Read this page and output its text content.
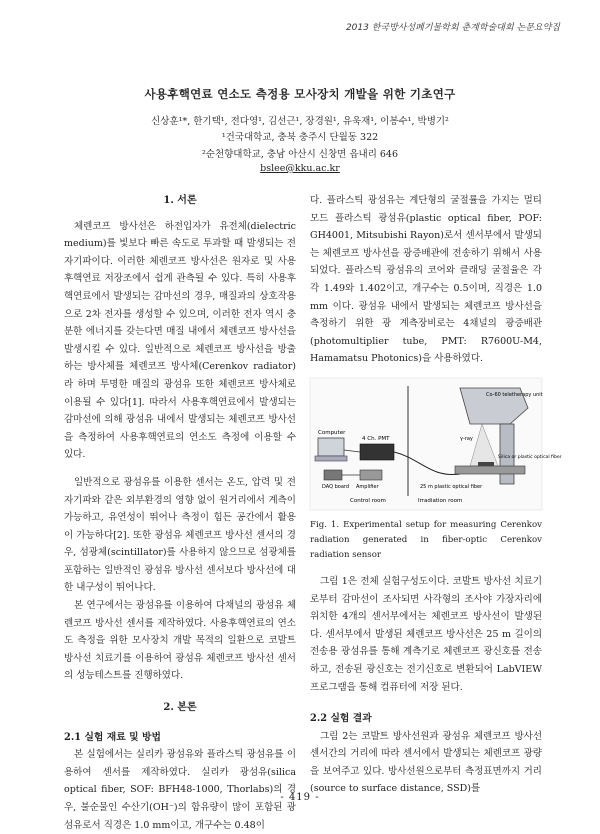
2013 한국방사성폐기물학회 춘계학술대회 논문요약집
사용후핵연료 연소도 측정용 모사장치 개발을 위한 기초연구
신상훈¹*, 한기택¹, 전다영¹, 김선근¹, 장경원¹, 유욱재¹, 이봉수¹, 박병기²
¹건국대학교, 충북 충주시 단월동 322
²순천향대학교, 충남 아산시 신창면 읍내리 646
bslee@kku.ac.kr
1. 서론

체렌코프 방사선은 하전입자가 유전체(dielectric medium)를 빛보다 빠른 속도로 투과할 때 발생되는 전자기파이다. 이러한 체렌코프 방사선은 원자로 및 사용후핵연료 저장조에서 쉽게 관측될 수 있다. 특히 사용후핵연료에서 발생되는 감마선의 경우, 매질과의 상호작용으로 2차 전자를 생성할 수 있으며, 이러한 전자 역시 충분한 에너지를 갖는다면 매질 내에서 체렌코프 방사선을 발생시킬 수 있다. 일반적으로 체렌코프 방사선을 방출하는 방사체를 체렌코프 방사체(Cerenkov radiator)라 하며 투명한 매질의 광섬유 또한 체렌코프 방사체로 이용될 수 있다[1]. 따라서 사용후핵연료에서 발생되는 감마선에 의해 광섬유 내에서 발생되는 체렌코프 방사선을 측정하여 사용후핵연료의 연소도 측정에 이용할 수 있다.

일반적으로 광섬유를 이용한 센서는 온도, 압력 및 전자기파와 같은 외부환경의 영향 없이 원거리에서 계측이 가능하고, 유연성이 뛰어나 측정이 힘든 공간에서 활용이 가능하다[2]. 또한 광섬유 체렌코프 방사선 센서의 경우, 섬광체(scintillator)를 사용하지 않으므로 섬광체를 포함하는 일반적인 광섬유 방사선 센서보다 방사선에 대한 내구성이 뛰어나다.

본 연구에서는 광섬유를 이용하여 다채널의 광섬유 체렌코프 방사선 센서를 제작하였다. 사용후핵연료의 연소도 측정을 위한 모사장치 개발 목적의 일환으로 코발트 방사선 치료기를 이용하여 광섬유 체렌코프 방사선 센서의 성능테스트를 진행하였다.

2. 본론
2.1 실험 재료 및 방법

본 실험에서는 실리카 광섬유와 플라스틱 광섬유를 이용하여 센서를 제작하였다. 실리카 광섬유(silica optical fiber, SOF: BFH48-1000, Thorlabs)의 경우, 불순물인 수산기(OH⁻)의 함유량이 많이 포함된 광섬유로서 직경은 1.0 mm이고, 개구수는 0.48이

다. 플라스틱 광섬유는 계단형의 굴절률을 가지는 멀티모드 플라스틱 광섬유(plastic optical fiber, POF: GH4001, Mitsubishi Rayon)로서 센서부에서 발생되는 체렌코프 방사선을 광증배관에 전송하기 위해서 사용되었다. 플라스틱 광섬유의 코어와 클래딩 굴절율은 각각 1.49와 1.402이고, 개구수는 0.5이며, 직경은 1.0 mm 이다. 광섬유 내에서 발생되는 체렌코프 방사선을 측정하기 위한 광 계측장비로는 4채널의 광증배관(photomultiplier tube, PMT: R7600U-M4, Hamamatsu Photonics)을 사용하였다.

Computer
4 Ch. PMT
DAQ board Amplifier	25 m plastic optical fiber
Co-60 teletherapy unit
γ-ray
Silica or plastic optical fiber
Control room	Irradiation room
Fig. 1. Experimental setup for measuring Cerenkov radiation generated in fiber-optic Cerenkov radiation sensor

그림 1은 전체 실험구성도이다. 코발트 방사선 치료기로부터 감마선이 조사되면 사각형의 조사야 가장자리에 위치한 4개의 센서부에서는 체렌코프 방사선이 발생된다. 센서부에서 발생된 체렌코프 방사선은 25 m 길이의 전송용 광섬유를 통해 계측기로 체렌코프 광신호를 전송하고, 전송된 광신호는 전기신호로 변환되어 LabVIEW 프로그램을 통해 컴퓨터에 저장 된다.

2.2 실험 결과

그림 2는 코발트 방사선원과 광섬유 체렌코프 방사선 센서간의 거리에 따라 센서에서 발생되는 체렌코프 광량을 보여주고 있다. 방사선원으로부터 측정표면까지 거리 (source to surface distance, SSD)를

- 419 -
